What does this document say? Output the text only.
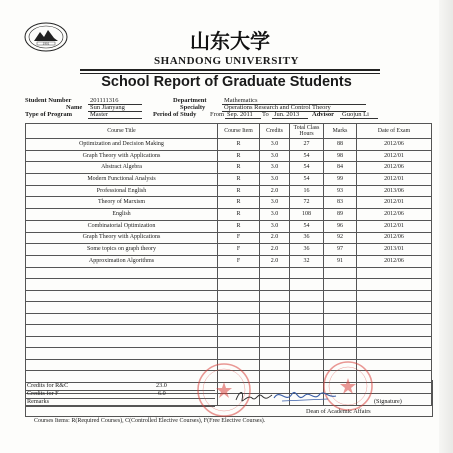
1901	山东大学
SHANDONG UNIVERSITY
School Report of Graduate Students
Student Number	201111316
Name	Sun Jianyang
Type of Program	Master
Department	Mathematics
Specialty	Operations Research and Control Theory
Period of Study From Sep. 2011	To Jun. 2013	Advisor	Guojun Li
Course Title	Course Item	Credits	Total Class Hours	Marks	Date of Exam
Optimization and Decision Making	R	3.0	27	88	2012/06
Graph Theory with Applications	R	3.0	54	98	2012/01
Abstract Algebra	R	3.0	54	84	2012/06
Modern Functional Analysis	R	3.0	54	99	2012/01
Professional English	R	2.0	16	93	2013/06
Theory of Marxism	R	3.0	72	83	2012/01
English	R	3.0	108	89	2012/06
Combinatorial Optimization	R	3.0	54	96	2012/01
Graph Theory with Applications	F	2.0	36	92	2012/06
Some topics on graph theory	F	2.0	36	97	2013/01
Approximation Algorithms	F	2.0	32	91	2012/06

Credits for R&C	23.0
Credits for F	6.0
Remarks	(Signature)
Dean of Academic Affairs
Courses Items: R(Required Courses), C(Controlled Elective Courses), F(Free Elective Courses).
